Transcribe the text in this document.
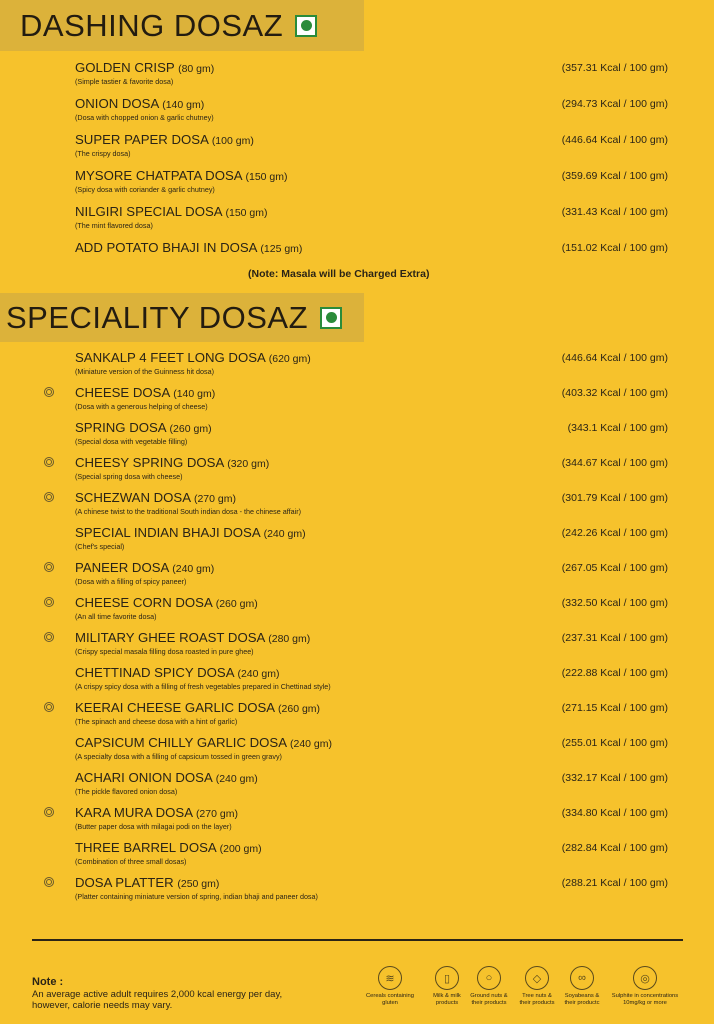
DASHING DOSAZ
GOLDEN CRISP (80 gm)
(Simple tastier & favorite dosa)
(357.31 Kcal / 100 gm)
ONION DOSA (140 gm)
(Dosa with chopped onion & garlic chutney)
(294.73 Kcal / 100 gm)
SUPER PAPER DOSA (100 gm)
(The crispy dosa)
(446.64 Kcal / 100 gm)
MYSORE CHATPATA DOSA (150 gm)
(Spicy dosa with coriander & garlic chutney)
(359.69 Kcal / 100 gm)
NILGIRI SPECIAL DOSA (150 gm)
(The mint flavored dosa)
(331.43 Kcal / 100 gm)
ADD POTATO BHAJI IN DOSA (125 gm)	(151.02 Kcal / 100 gm)
(Note: Masala will be Charged Extra)
SPECIALITY DOSAZ
SANKALP 4 FEET LONG DOSA (620 gm)
(Miniature version of the Guinness hit dosa)
(446.64 Kcal / 100 gm)
CHEESE DOSA (140 gm)
(Dosa with a generous helping of cheese)
(403.32 Kcal / 100 gm)
SPRING DOSA (260 gm)
(Special dosa with vegetable filling)
(343.1 Kcal / 100 gm)
CHEESY SPRING DOSA (320 gm)
(Special spring dosa with cheese)
(344.67 Kcal / 100 gm)
SCHEZWAN DOSA (270 gm)
(A chinese twist to the traditional South indian dosa - the chinese affair)
(301.79 Kcal / 100 gm)
SPECIAL INDIAN BHAJI DOSA (240 gm)
(Chef's special)
(242.26 Kcal / 100 gm)
PANEER DOSA (240 gm)
(Dosa with a filling of spicy paneer)
(267.05 Kcal / 100 gm)
CHEESE CORN DOSA (260 gm)
(An all time favorite dosa)
(332.50 Kcal / 100 gm)
MILITARY GHEE ROAST DOSA (280 gm)
(Crispy special masala filling dosa roasted in pure ghee)
(237.31 Kcal / 100 gm)
CHETTINAD SPICY DOSA (240 gm)
(A crispy spicy dosa with a filling of fresh vegetables prepared in Chettinad style)
(222.88 Kcal / 100 gm)
KEERAI CHEESE GARLIC DOSA (260 gm)
(The spinach and cheese dosa with a hint of garlic)
(271.15 Kcal / 100 gm)
CAPSICUM CHILLY GARLIC DOSA (240 gm)
(A specialty dosa with a filling of capsicum tossed in green gravy)
(255.01 Kcal / 100 gm)
ACHARI ONION DOSA (240 gm)
(The pickle flavored onion dosa)
(332.17 Kcal / 100 gm)
KARA MURA DOSA (270 gm)
(Butter paper dosa with milagai podi on the layer)
(334.80 Kcal / 100 gm)
THREE BARREL DOSA (200 gm)
(Combination of three small dosas)
(282.84 Kcal / 100 gm)
DOSA PLATTER (250 gm)
(Platter containing miniature version of spring, indian bhaji and paneer dosa)
(288.21 Kcal / 100 gm)
Note :
An average active adult requires 2,000 kcal energy per day,
however, calorie needs may vary.
≋
Cereals containing
gluten
▯
Milk & milk
products
○
Ground nuts &
their products
◇
Tree nuts &
their products
∞
Soyabeans &
their productc
◎
Sulphite in concentrations
10mg/kg or more
